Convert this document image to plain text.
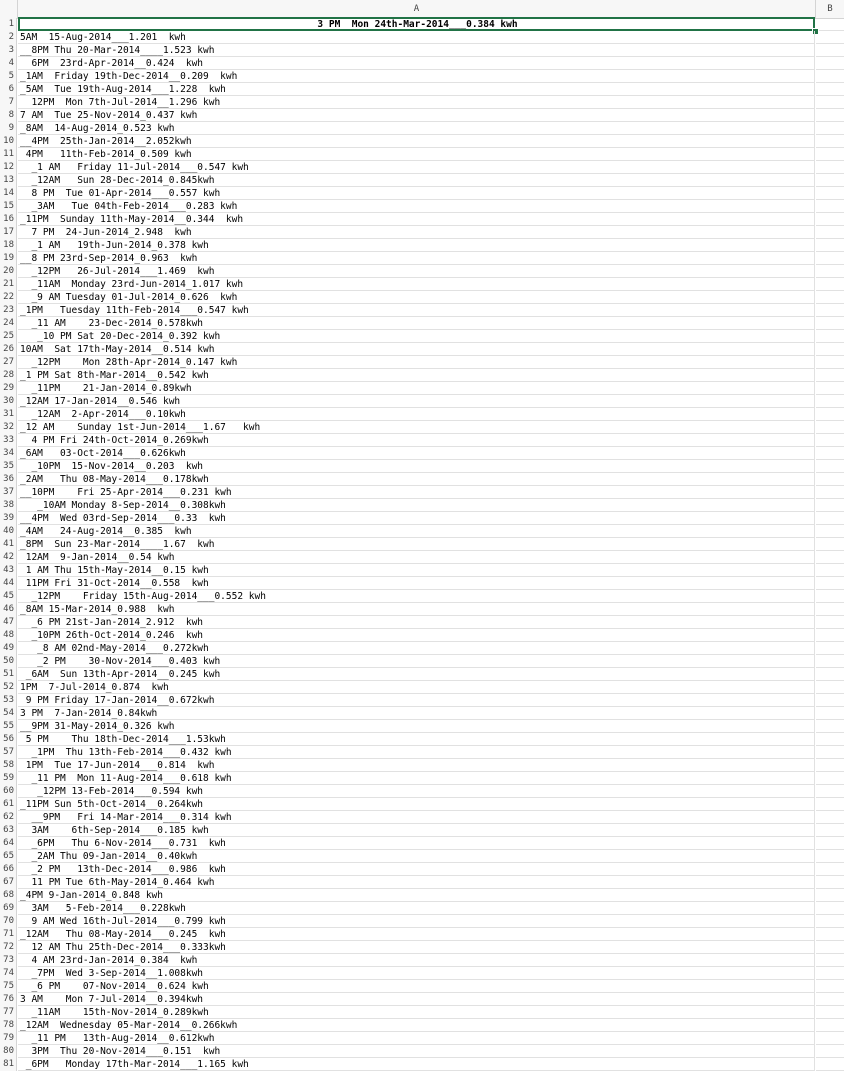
A	B
1	3 PM  Mon 24th-Mar-2014___0.384 kwh
2 5AM  15-Aug-2014___1.201  kwh
3 __8PM Thu 20-Mar-2014____1.523 kwh
4 6PM  23rd-Apr-2014__0.424  kwh
5 _1AM  Friday 19th-Dec-2014__0.209  kwh
6 _5AM  Tue 19th-Aug-2014___1.228  kwh
7 12PM  Mon 7th-Jul-2014__1.296 kwh
8 7 AM  Tue 25-Nov-2014_0.437 kwh
9 _8AM  14-Aug-2014_0.523 kwh
10 __4PM  25th-Jan-2014__2.052kwh
11 4PM   11th-Feb-2014_0.509 kwh
12 _1 AM   Friday 11-Jul-2014___0.547 kwh
13 _12AM   Sun 28-Dec-2014_0.845kwh
14 8 PM  Tue 01-Apr-2014___0.557 kwh
15 _3AM   Tue 04th-Feb-2014___0.283 kwh
16 _11PM  Sunday 11th-May-2014__0.344  kwh
17 7 PM  24-Jun-2014_2.948  kwh
18 _1 AM   19th-Jun-2014_0.378 kwh
19 __8 PM 23rd-Sep-2014_0.963  kwh
20 _12PM   26-Jul-2014___1.469  kwh
21 _11AM  Monday 23rd-Jun-2014_1.017 kwh
22 _9 AM Tuesday 01-Jul-2014_0.626  kwh
23 _1PM   Tuesday 11th-Feb-2014___0.547 kwh
24 _11 AM    23-Dec-2014_0.578kwh
25 _10 PM Sat 20-Dec-2014_0.392 kwh
26 10AM  Sat 17th-May-2014__0.514 kwh
27 _12PM    Mon 28th-Apr-2014_0.147 kwh
28 _1 PM Sat 8th-Mar-2014__0.542 kwh
29 _11PM    21-Jan-2014_0.89kwh
30 _12AM 17-Jan-2014__0.546 kwh
31 _12AM  2-Apr-2014___0.10kwh
32 _12 AM    Sunday 1st-Jun-2014___1.67   kwh
33 4 PM Fri 24th-Oct-2014_0.269kwh
34 _6AM   03-Oct-2014___0.626kwh
35 _10PM  15-Nov-2014__0.203  kwh
36 _2AM   Thu 08-May-2014___0.178kwh
37 __10PM    Fri 25-Apr-2014___0.231 kwh
38 _10AM Monday 8-Sep-2014__0.308kwh
39 __4PM  Wed 03rd-Sep-2014___0.33  kwh
40 _4AM   24-Aug-2014__0.385  kwh
41 _8PM  Sun 23-Mar-2014____1.67  kwh
42 12AM  9-Jan-2014__0.54 kwh
43 1 AM Thu 15th-May-2014__0.15 kwh
44 11PM Fri 31-Oct-2014__0.558  kwh
45 _12PM    Friday 15th-Aug-2014___0.552 kwh
46 _8AM 15-Mar-2014_0.988  kwh
47 _6 PM 21st-Jan-2014_2.912  kwh
48 _10PM 26th-Oct-2014_0.246  kwh
49 _8 AM 02nd-May-2014___0.272kwh
50 _2 PM    30-Nov-2014___0.403 kwh
51 _6AM  Sun 13th-Apr-2014__0.245 kwh
52 1PM  7-Jul-2014_0.874  kwh
53 9 PM Friday 17-Jan-2014__0.672kwh
54 3 PM  7-Jan-2014_0.84kwh
55 __9PM 31-May-2014_0.326 kwh
56 5 PM    Thu 18th-Dec-2014___1.53kwh
57 _1PM  Thu 13th-Feb-2014___0.432 kwh
58 1PM  Tue 17-Jun-2014___0.814  kwh
59 _11 PM  Mon 11-Aug-2014___0.618 kwh
60 _12PM 13-Feb-2014___0.594 kwh
61 _11PM Sun 5th-Oct-2014__0.264kwh
62 __9PM   Fri 14-Mar-2014___0.314 kwh
63 3AM    6th-Sep-2014___0.185 kwh
64 _6PM   Thu 6-Nov-2014___0.731  kwh
65 _2AM Thu 09-Jan-2014__0.40kwh
66 _2 PM   13th-Dec-2014___0.986  kwh
67 11 PM Tue 6th-May-2014_0.464 kwh
68 _4PM 9-Jan-2014_0.848 kwh
69 3AM   5-Feb-2014___0.228kwh
70 9 AM Wed 16th-Jul-2014___0.799 kwh
71 _12AM   Thu 08-May-2014___0.245  kwh
72 12 AM Thu 25th-Dec-2014___0.333kwh
73 4 AM 23rd-Jan-2014_0.384  kwh
74 _7PM  Wed 3-Sep-2014__1.008kwh
75 _6 PM    07-Nov-2014__0.624 kwh
76 3 AM    Mon 7-Jul-2014__0.394kwh
77 _11AM    15th-Nov-2014_0.289kwh
78 _12AM  Wednesday 05-Mar-2014__0.266kwh
79 _11 PM   13th-Aug-2014__0.612kwh
80 3PM  Thu 20-Nov-2014___0.151  kwh
81 _6PM   Monday 17th-Mar-2014___1.165 kwh
